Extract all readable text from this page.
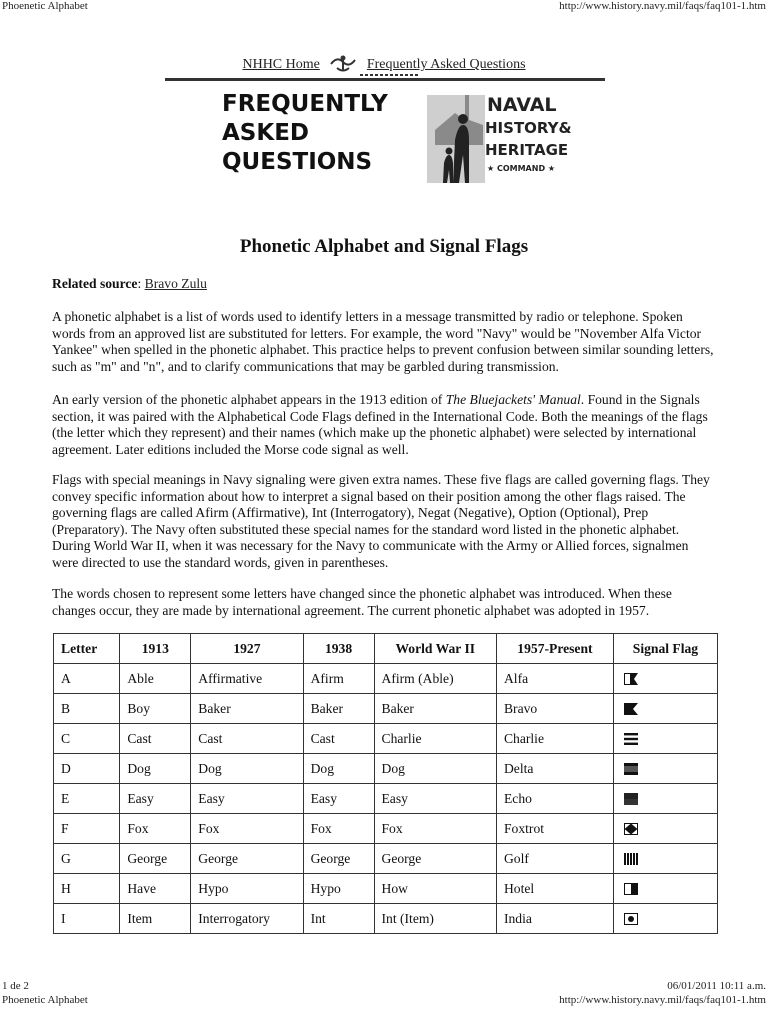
Phoenetic Alphabet	http://www.history.navy.mil/faqs/faq101-1.htm
NHHC Home	Frequently Asked Questions
FREQUENTLY
ASKED
QUESTIONS
NAVAL
HISTORY&
HERITAGE
★ COMMAND ★
Phonetic Alphabet and Signal Flags
Related source: Bravo Zulu

A phonetic alphabet is a list of words used to identify letters in a message transmitted by radio or telephone. Spoken words from an approved list are substituted for letters. For example, the word "Navy" would be "November Alfa Victor Yankee" when spelled in the phonetic alphabet. This practice helps to prevent confusion between similar sounding letters, such as "m" and "n", and to clarify communications that may be garbled during transmission.

An early version of the phonetic alphabet appears in the 1913 edition of The Bluejackets' Manual. Found in the Signals section, it was paired with the Alphabetical Code Flags defined in the International Code. Both the meanings of the flags (the letter which they represent) and their names (which make up the phonetic alphabet) were selected by international agreement. Later editions included the Morse code signal as well.

Flags with special meanings in Navy signaling were given extra names. These five flags are called governing flags. They convey specific information about how to interpret a signal based on their position among the other flags raised. The governing flags are called Afirm (Affirmative), Int (Interrogatory), Negat (Negative), Option (Optional), Prep (Preparatory). The Navy often substituted these special names for the standard word listed in the phonetic alphabet. During World War II, when it was necessary for the Navy to communicate with the Army or Allied forces, signalmen were directed to use the standard words, given in parentheses.

The words chosen to represent some letters have changed since the phonetic alphabet was introduced. When these changes occur, they are made by international agreement. The current phonetic alphabet was adopted in 1957.

Letter	1913	1927	1938	World War II	1957-Present	Signal Flag
A	Able	Affirmative	Afirm	Afirm (Able)	Alfa	
B	Boy	Baker	Baker	Baker	Bravo	
C	Cast	Cast	Cast	Charlie	Charlie	
D	Dog	Dog	Dog	Dog	Delta	
E	Easy	Easy	Easy	Easy	Echo	
F	Fox	Fox	Fox	Fox	Foxtrot	
G	George	George	George	George	Golf	
H	Have	Hypo	Hypo	How	Hotel	
I	Item	Interrogatory	Int	Int (Item)	India	
1 de 2	06/01/2011 10:11 a.m.
Phoenetic Alphabet	http://www.history.navy.mil/faqs/faq101-1.htm
